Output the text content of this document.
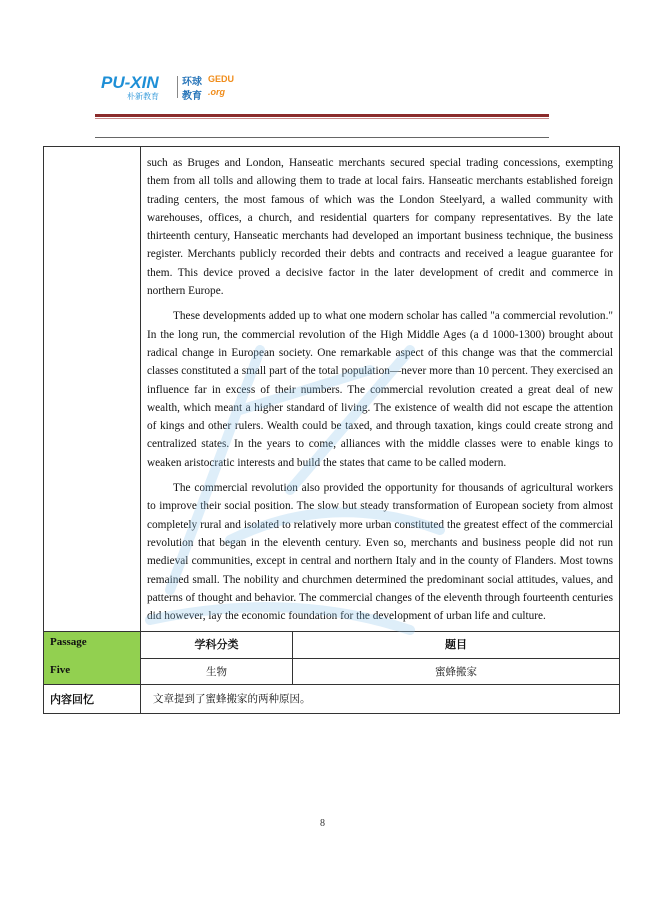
PU-XIN
朴新教育
环球 GEDU
教育 .org

	such as Bruges and London, Hanseatic merchants secured special trading concessions, exempting them from all tolls and allowing them to trade at local fairs. Hanseatic merchants established foreign trading centers, the most famous of which was the London Steelyard, a walled community with warehouses, offices, a church, and residential quarters for company representatives. By the late thirteenth century, Hanseatic merchants had developed an important business technique, the business register. Merchants publicly recorded their debts and contracts and received a league guarantee for them. This device proved a decisive factor in the later development of credit and commerce in northern Europe.

These developments added up to what one modern scholar has called "a commercial revolution." In the long run, the commercial revolution of the High Middle Ages (a d 1000-1300) brought about radical change in European society. One remarkable aspect of this change was that the commercial classes constituted a small part of the total population—never more than 10 percent. They exercised an influence far in excess of their numbers. The commercial revolution created a great deal of new wealth, which meant a higher standard of living. The existence of wealth did not escape the attention of kings and other rulers. Wealth could be taxed, and through taxation, kings could create strong and centralized states. In the years to come, alliances with the middle classes were to enable kings to weaken aristocratic interests and build the states that came to be called modern.

The commercial revolution also provided the opportunity for thousands of agricultural workers to improve their social position. The slow but steady transformation of European society from almost completely rural and isolated to relatively more urban constituted the greatest effect of the commercial revolution that began in the eleventh century. Even so, merchants and business people did not run medieval communities, except in central and northern Italy and in the county of Flanders. Most towns remained small. The nobility and churchmen determined the predominant social attitudes, values, and patterns of thought and behavior. The commercial changes of the eleventh through fourteenth centuries did however, lay the economic foundation for the development of urban life and culture.	

Passage	学科分类	题目
Five	生物	蜜蜂搬家
内容回忆	文章提到了蜜蜂搬家的两种原因。	
8
